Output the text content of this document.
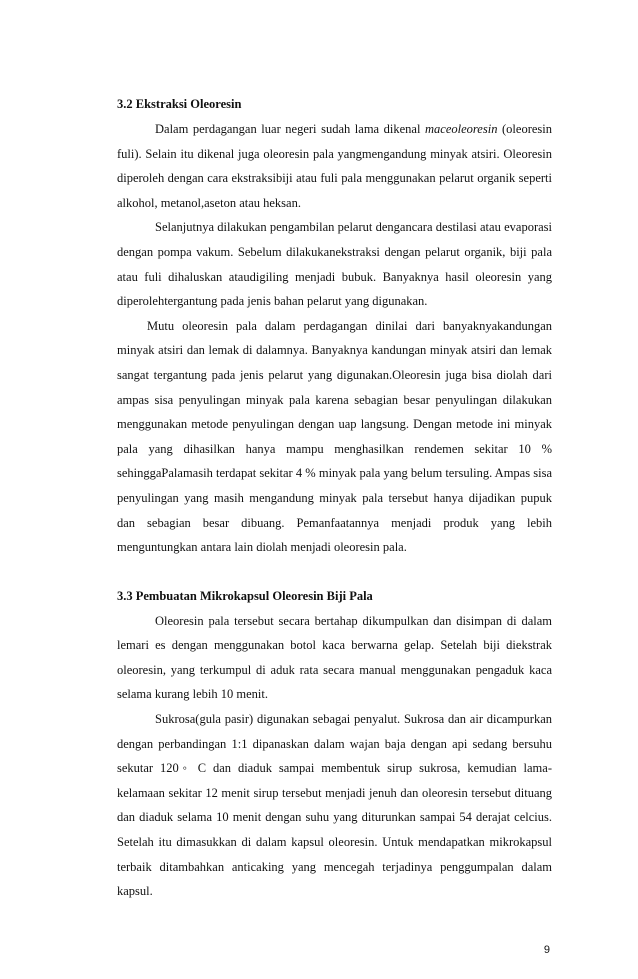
3.2 Ekstraksi Oleoresin

Dalam perdagangan luar negeri sudah lama dikenal maceoleoresin (oleoresin fuli). Selain itu dikenal juga oleoresin pala yangmengandung minyak atsiri. Oleoresin diperoleh dengan cara ekstraksibiji atau fuli pala menggunakan pelarut organik seperti alkohol, metanol,aseton atau heksan.

Selanjutnya dilakukan pengambilan pelarut dengancara destilasi atau evaporasi dengan pompa vakum. Sebelum dilakukanekstraksi dengan pelarut organik, biji pala atau fuli dihaluskan ataudigiling menjadi bubuk. Banyaknya hasil oleoresin yang diperolehtergantung pada jenis bahan pelarut yang digunakan.

Mutu oleoresin pala dalam perdagangan dinilai dari banyaknyakandungan minyak atsiri dan lemak di dalamnya. Banyaknya kandungan minyak atsiri dan lemak sangat tergantung pada jenis pelarut yang digunakan.Oleoresin juga bisa diolah dari ampas sisa penyulingan minyak pala karena sebagian besar penyulingan dilakukan menggunakan metode penyulingan dengan uap langsung. Dengan metode ini minyak pala yang dihasilkan hanya mampu menghasilkan rendemen sekitar 10 % sehinggaPalamasih terdapat sekitar 4 % minyak pala yang belum tersuling. Ampas sisa penyulingan yang masih mengandung minyak pala tersebut hanya dijadikan pupuk dan sebagian besar dibuang. Pemanfaatannya menjadi produk yang lebih menguntungkan antara lain diolah menjadi oleoresin pala.

3.3 Pembuatan Mikrokapsul Oleoresin Biji Pala

Oleoresin pala tersebut secara bertahap dikumpulkan dan disimpan di dalam lemari es dengan menggunakan botol kaca berwarna gelap. Setelah biji diekstrak oleoresin, yang terkumpul di aduk rata secara manual menggunakan pengaduk kaca selama kurang lebih 10 menit.

Sukrosa(gula pasir) digunakan sebagai penyalut. Sukrosa dan air dicampurkan dengan perbandingan 1:1 dipanaskan dalam wajan baja dengan api sedang bersuhu sekutar 120◦ C dan diaduk sampai membentuk sirup sukrosa, kemudian lama-kelamaan sekitar 12 menit sirup tersebut menjadi jenuh dan oleoresin tersebut dituang dan diaduk selama 10 menit dengan suhu yang diturunkan sampai 54 derajat celcius. Setelah itu dimasukkan di dalam kapsul oleoresin. Untuk mendapatkan mikrokapsul terbaik ditambahkan anticaking yang mencegah terjadinya penggumpalan dalam kapsul.

9
